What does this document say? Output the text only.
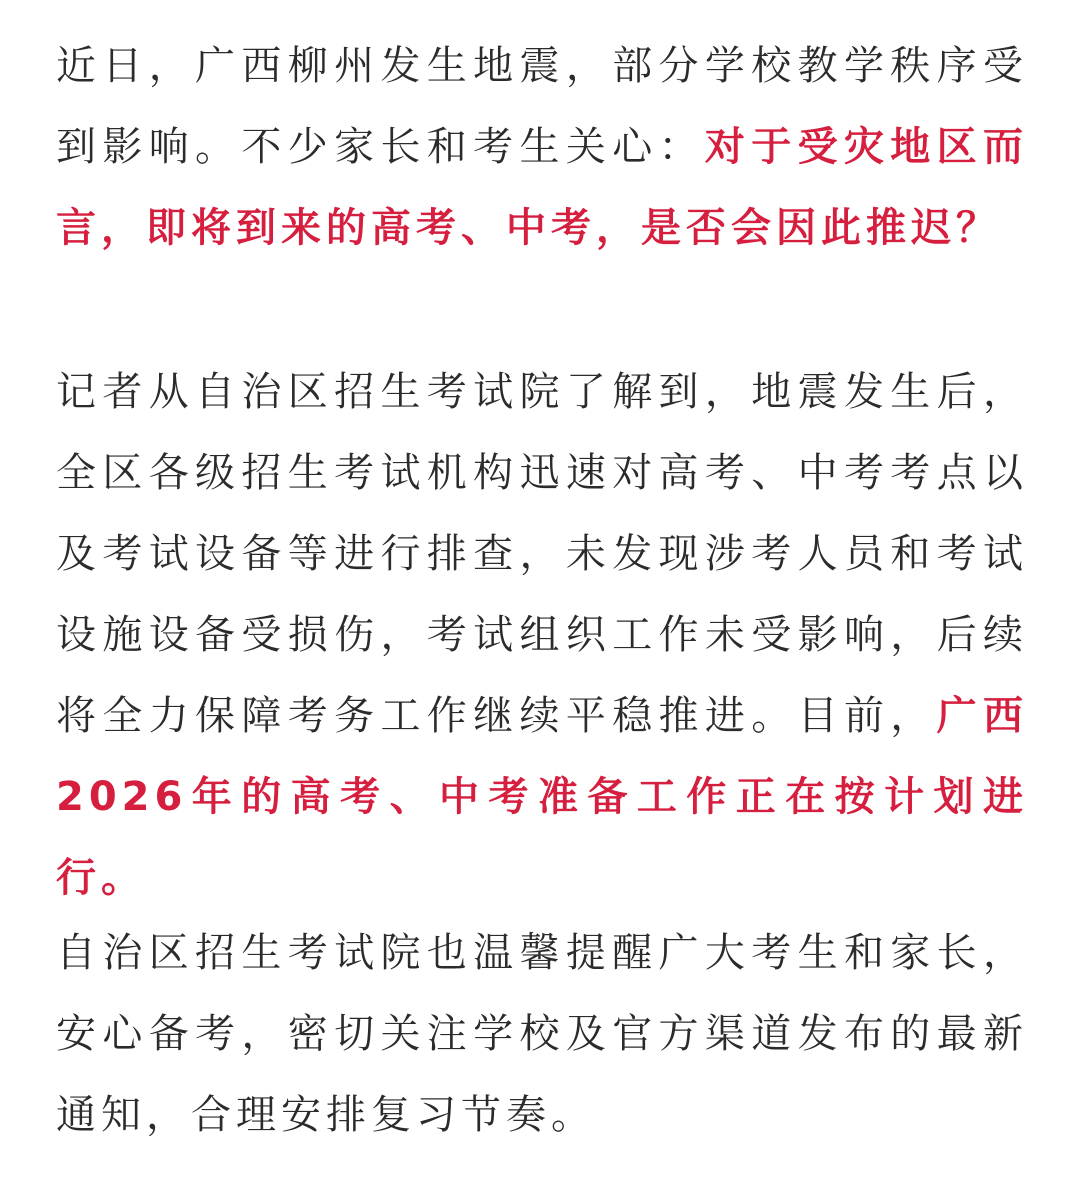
近日，广西柳州发生地震，部分学校教学秩序受到影响。不少家长和考生关心：对于受灾地区而言，即将到来的高考、中考，是否会因此推迟？

记者从自治区招生考试院了解到，地震发生后，全区各级招生考试机构迅速对高考、中考考点以及考试设备等进行排查，未发现涉考人员和考试设施设备受损伤，考试组织工作未受影响，后续将全力保障考务工作继续平稳推进。目前，广西2026年的高考、中考准备工作正在按计划进行。

自治区招生考试院也温馨提醒广大考生和家长，安心备考，密切关注学校及官方渠道发布的最新通知，合理安排复习节奏。
